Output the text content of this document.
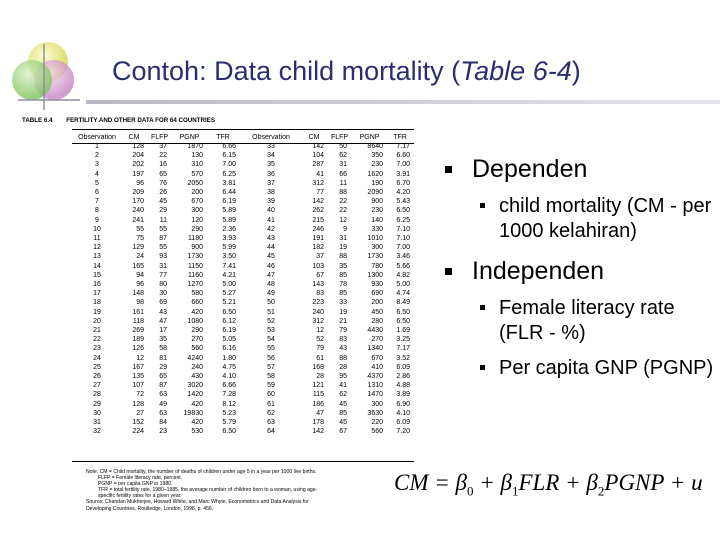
Contoh: Data child mortality (Table 6-4)
TABLE 6.4 FERTILITY AND OTHER DATA FOR 64 COUNTRIES
Observation	CM	FLFP	PGNP	TFR	Observation	CM	FLFP	PGNP	TFR
1	128	37	1870	6.66	33	142	50	8640	7.17
2	204	22	130	6.15	34	104	62	350	6.60
3	202	16	310	7.00	35	287	31	230	7.00
4	197	65	570	6.25	36	41	66	1620	3.91
5	96	76	2050	3.81	37	312	11	190	6.70
6	209	26	200	6.44	38	77	88	2090	4.20
7	170	45	670	6.19	39	142	22	900	5.43
8	240	29	300	5.89	40	262	22	230	6.50
9	241	11	120	5.89	41	215	12	140	6.25
10	55	55	290	2.36	42	246	9	330	7.10
11	75	87	1180	3.93	43	191	31	1010	7.10
12	129	55	900	5.99	44	182	19	300	7.00
13	24	93	1730	3.50	45	37	88	1730	3.46
14	165	31	1150	7.41	46	103	35	780	5.66
15	94	77	1160	4.21	47	67	85	1300	4.82
16	96	80	1270	5.00	48	143	78	930	5.00
17	148	30	580	5.27	49	83	85	690	4.74
18	98	69	660	5.21	50	223	33	200	8.49
19	161	43	420	6.50	51	240	19	450	6.50
20	118	47	1080	6.12	52	312	21	280	6.50
21	269	17	290	6.19	53	12	79	4430	1.69
22	189	35	270	5.05	54	52	83	270	3.25
23	126	58	560	6.16	55	79	43	1340	7.17
24	12	81	4240	1.80	56	61	88	670	3.52
25	167	29	240	4.75	57	168	28	410	6.09
26	135	65	430	4.10	58	28	95	4370	2.86
27	107	87	3020	6.66	59	121	41	1310	4.88
28	72	63	1420	7.28	60	115	62	1470	3.89
29	128	49	420	8.12	61	186	45	300	6.90
30	27	63	19830	5.23	62	47	85	3630	4.10
31	152	84	420	5.79	63	178	45	220	6.09
32	224	23	530	6.50	64	142	67	560	7.20
Note: CM = Child mortality, the number of deaths of children under age 5 in a year per 1000 live births.
FLFP = Female literacy rate, percent.
PGNP = per capita GNP in 1980.
TFR = total fertility rate, 1980–1985, the average number of children born to a woman, using age-
specific fertility rates for a given year.
Source: Chandan Mukherjee, Howard White, and Marc Whyte, Econometrics and Data Analysis for
Developing Countries, Routledge, London, 1998, p. 456.
Dependen
child mortality (CM - per 1000 kelahiran)
Independen
Female literacy rate (FLR - %)
Per capita GNP (PGNP)
CM = $\beta_0 + \beta_1FLR$ + $\beta_2PGNP + u$
